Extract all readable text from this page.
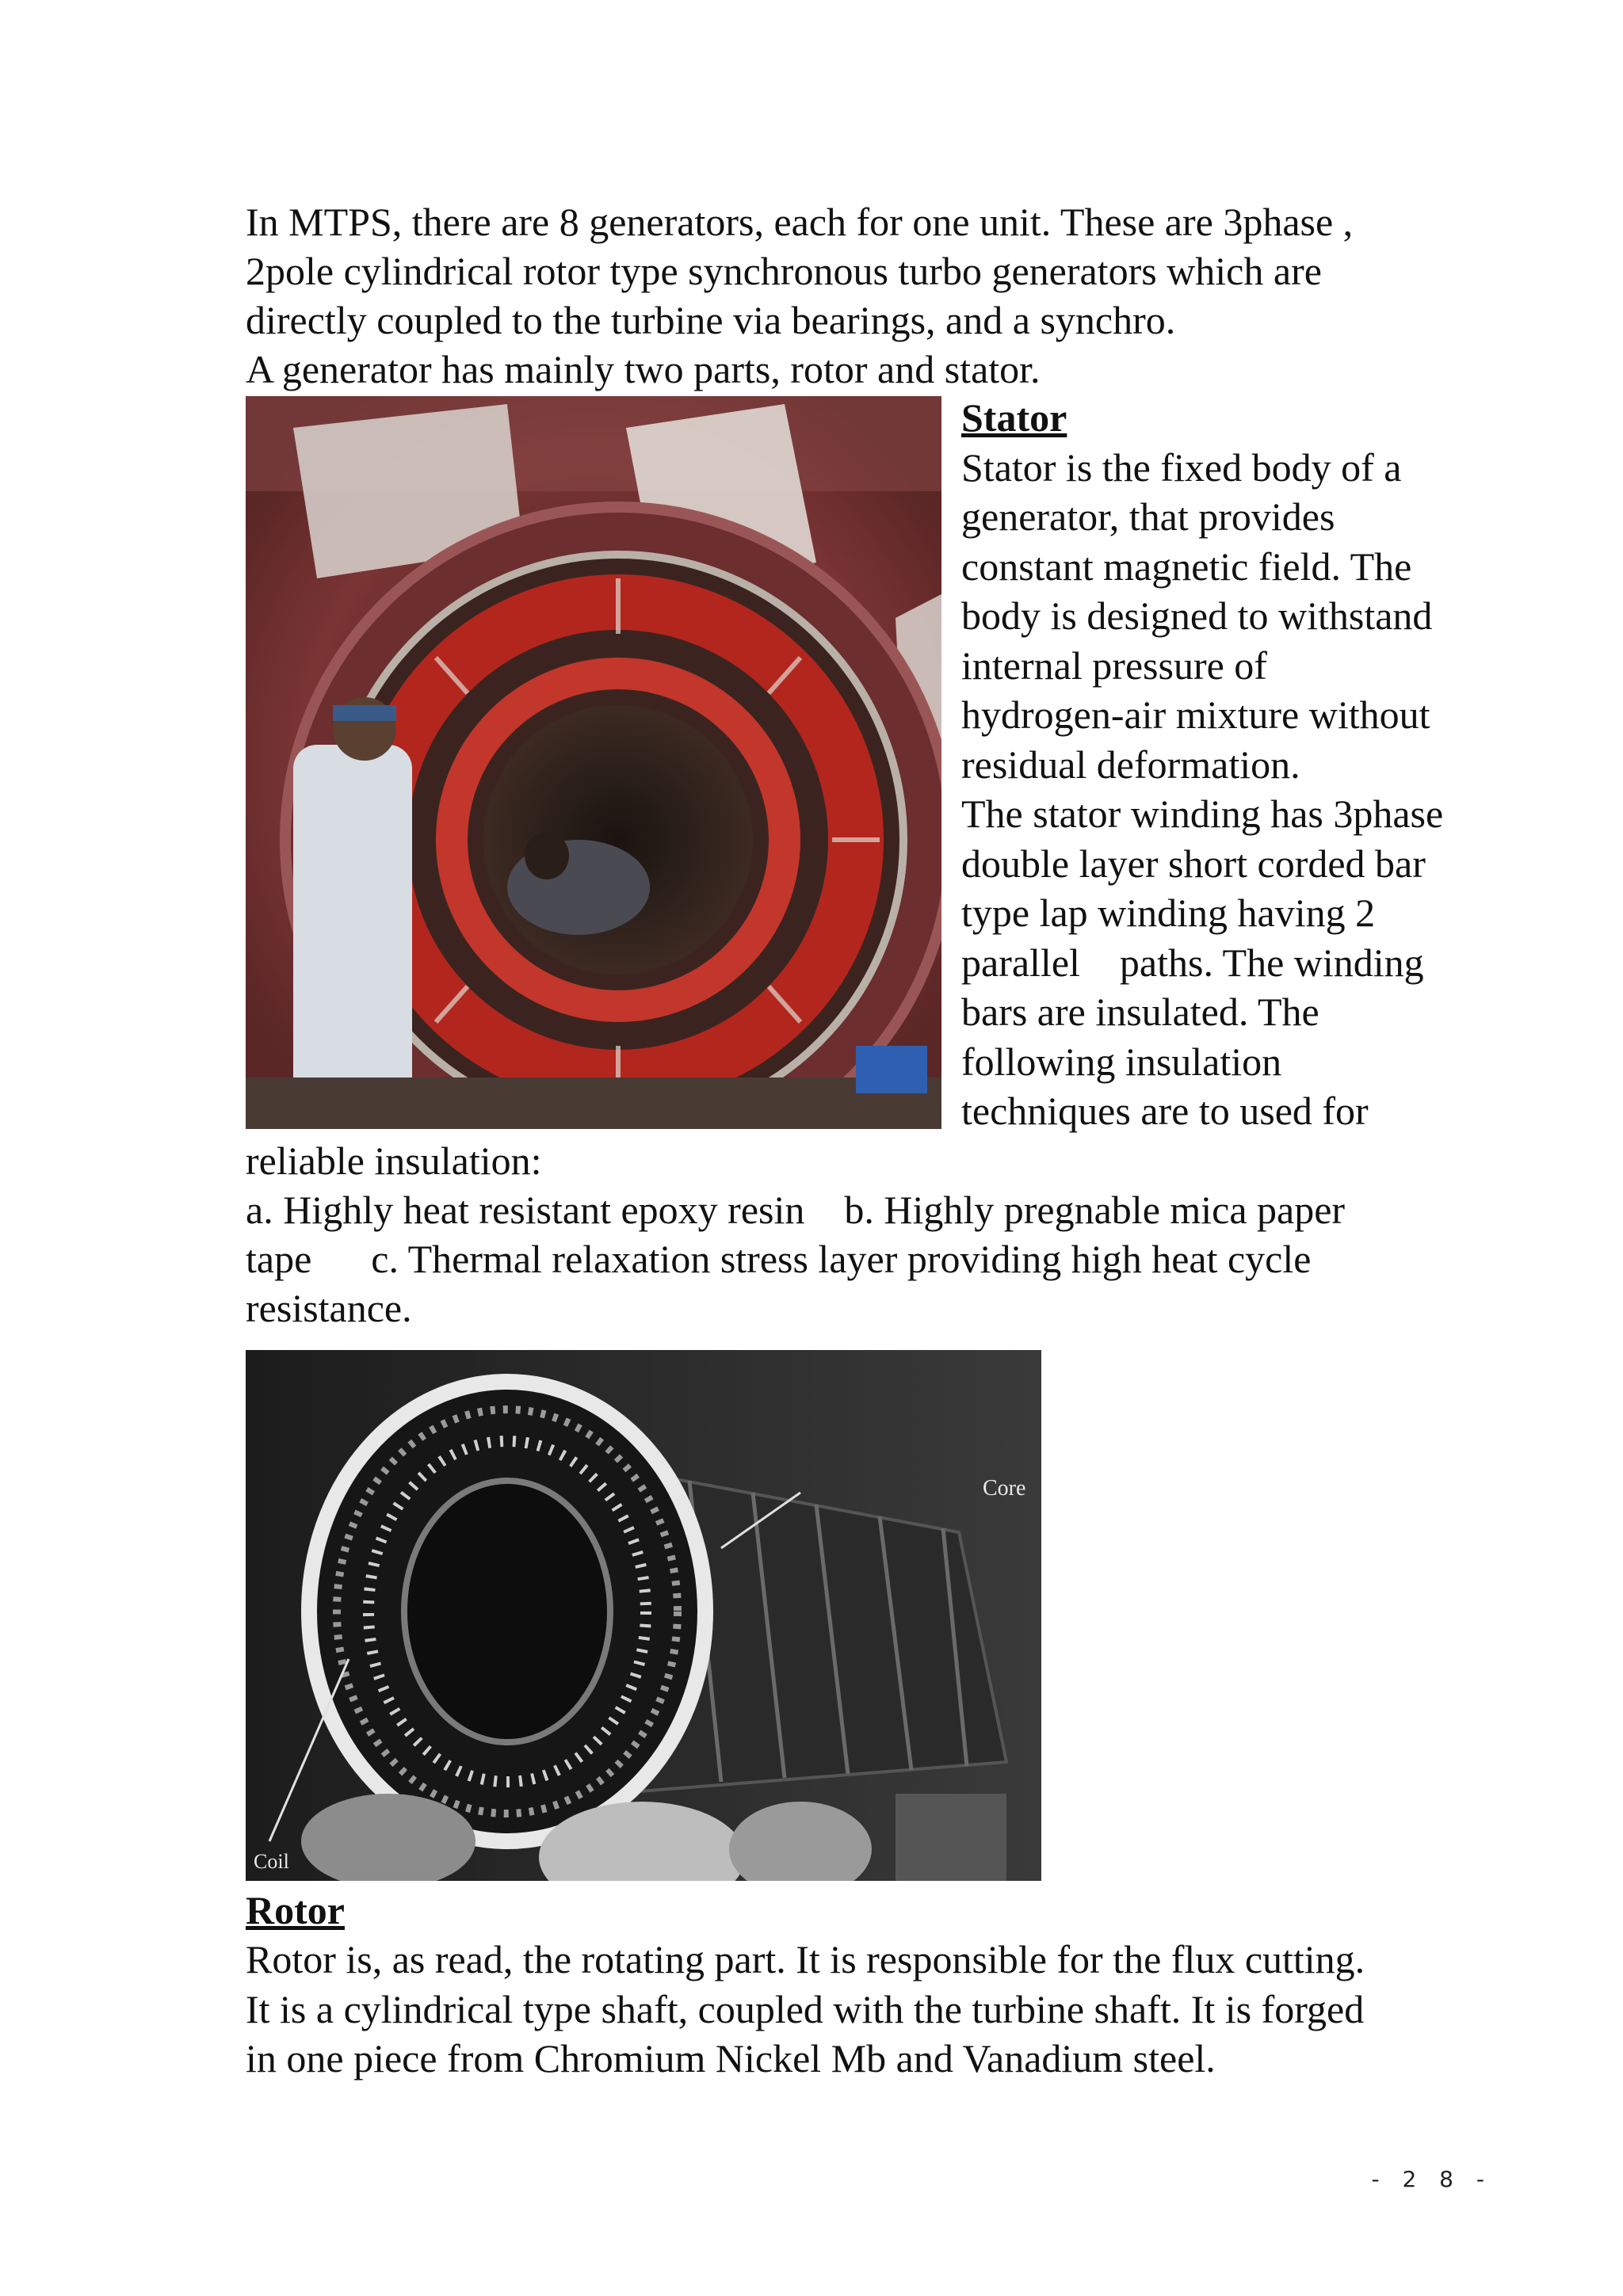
In MTPS, there are 8 generators, each for one unit. These are 3phase ,
2pole cylindrical rotor type synchronous turbo generators which are
directly coupled to the turbine via bearings, and a synchro.
A generator has mainly two parts, rotor and stator.
Stator

Stator is the fixed body of a

generator, that provides

constant magnetic field. The

body is designed to withstand

internal pressure of

hydrogen-air mixture without

residual deformation.

The stator winding has 3phase

double layer short corded bar

type lap winding having 2

parallel    paths. The winding

bars are insulated. The

following insulation

techniques are to used for

reliable insulation:
a. Highly heat resistant epoxy resin    b. Highly pregnable mica paper
tape      c. Thermal relaxation stress layer providing high heat cycle
resistance.
Core
Coil
Rotor

Rotor is, as read, the rotating part. It is responsible for the flux cutting.

It is a cylindrical type shaft, coupled with the turbine shaft. It is forged

in one piece from Chromium Nickel Mb and Vanadium steel.

- 2 8 -
